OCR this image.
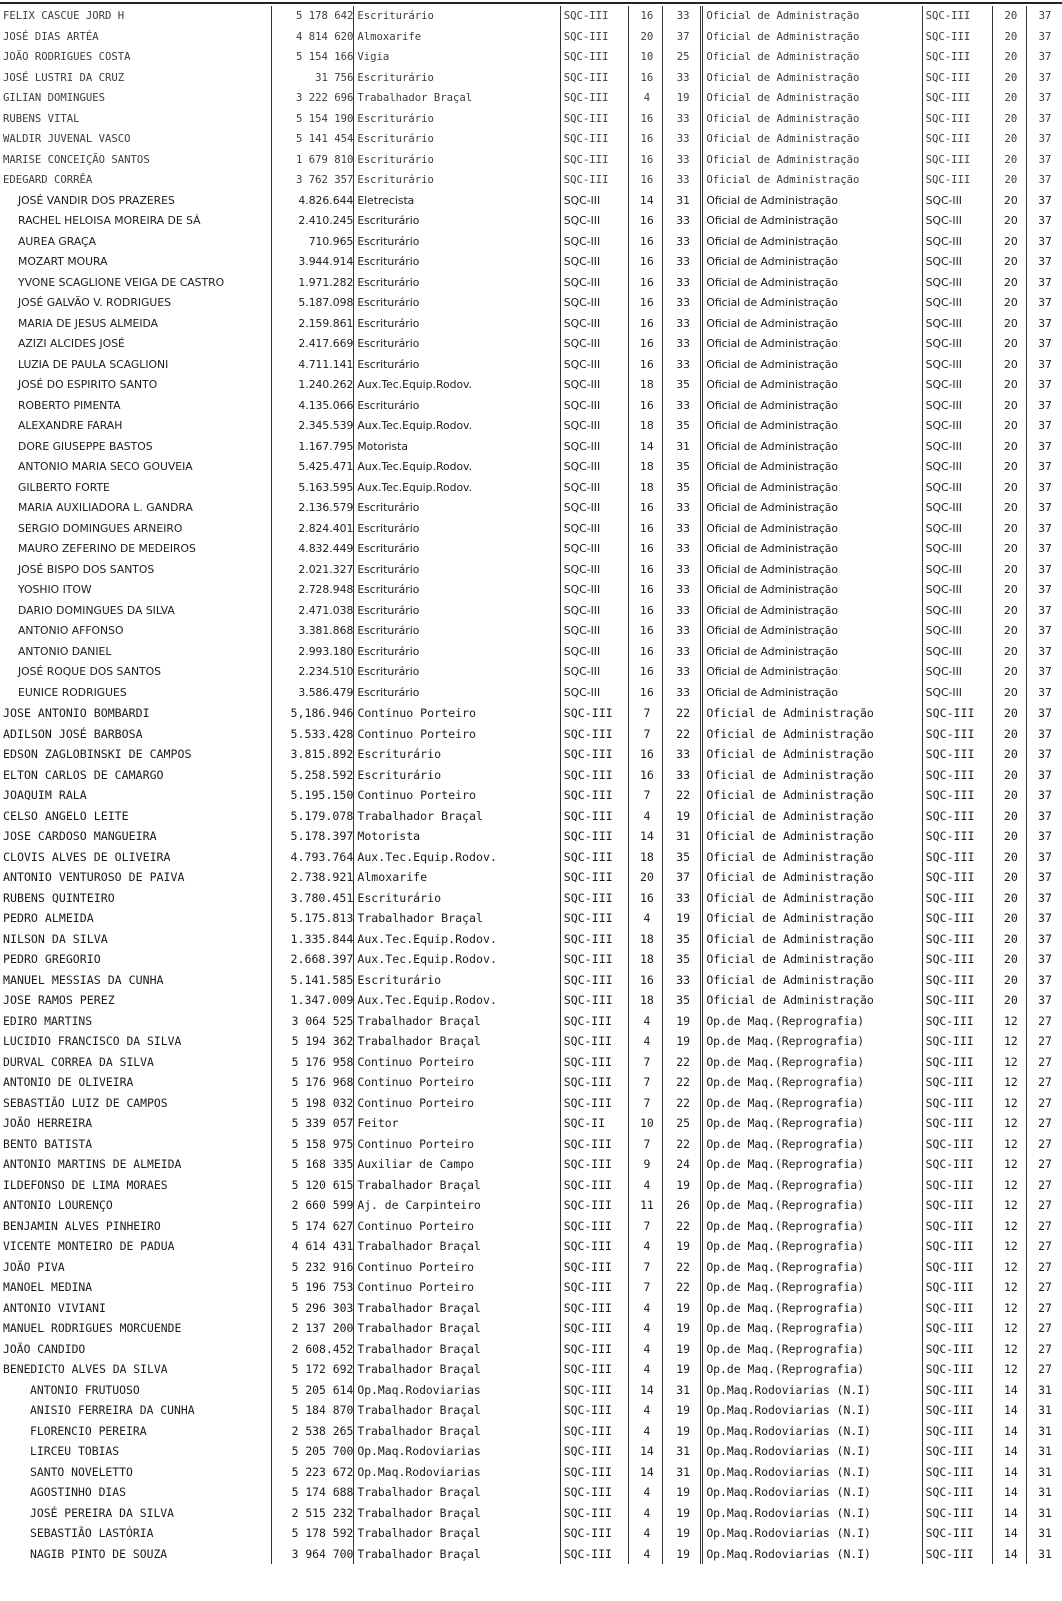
FELIX CASCUE JORD H	5 178 642	Escriturário	SQC-III	16	33	Oficial de Administração	SQC-III	20	37
JOSÉ DIAS ARTÉA	4 814 620	Almoxarife	SQC-III	20	37	Oficial de Administração	SQC-III	20	37
JOÃO RODRIGUES COSTA	5 154 166	Vigia	SQC-III	10	25	Oficial de Administração	SQC-III	20	37
JOSÉ LUSTRI DA CRUZ	31 756	Escriturário	SQC-III	16	33	Oficial de Administração	SQC-III	20	37
GILIAN DOMINGUES	3 222 696	Trabalhador Braçal	SQC-III	4	19	Oficial de Administração	SQC-III	20	37
RUBENS VITAL	5 154 190	Escriturário	SQC-III	16	33	Oficial de Administração	SQC-III	20	37
WALDIR JUVENAL VASCO	5 141 454	Escriturário	SQC-III	16	33	Oficial de Administração	SQC-III	20	37
MARISE CONCEIÇÃO SANTOS	1 679 810	Escriturário	SQC-III	16	33	Oficial de Administração	SQC-III	20	37
EDEGARD CORRÊA	3 762 357	Escriturário	SQC-III	16	33	Oficial de Administração	SQC-III	20	37
JOSÉ VANDIR DOS PRAZERES	4.826.644	Eletrecista	SQC-III	14	31	Oficial de Administração	SQC-III	20	37
RACHEL HELOISA MOREIRA DE SÁ	2.410.245	Escriturário	SQC-III	16	33	Oficial de Administração	SQC-III	20	37
AUREA GRAÇA	710.965	Escriturário	SQC-III	16	33	Oficial de Administração	SQC-III	20	37
MOZART MOURA	3.944.914	Escriturário	SQC-III	16	33	Oficial de Administração	SQC-III	20	37
YVONE SCAGLIONE VEIGA DE CASTRO	1.971.282	Escriturário	SQC-III	16	33	Oficial de Administração	SQC-III	20	37
JOSÉ GALVÃO V. RODRIGUES	5.187.098	Escriturário	SQC-III	16	33	Oficial de Administração	SQC-III	20	37
MARIA DE JESUS ALMEIDA	2.159.861	Escriturário	SQC-III	16	33	Oficial de Administração	SQC-III	20	37
AZIZI ALCIDES JOSÉ	2.417.669	Escriturário	SQC-III	16	33	Oficial de Administração	SQC-III	20	37
LUZIA DE PAULA SCAGLIONI	4.711.141	Escriturário	SQC-III	16	33	Oficial de Administração	SQC-III	20	37
JOSÉ DO ESPIRITO SANTO	1.240.262	Aux.Tec.Equip.Rodov.	SQC-III	18	35	Oficial de Administração	SQC-III	20	37
ROBERTO PIMENTA	4.135.066	Escriturário	SQC-III	16	33	Oficial de Administração	SQC-III	20	37
ALEXANDRE FARAH	2.345.539	Aux.Tec.Equip.Rodov.	SQC-III	18	35	Oficial de Administração	SQC-III	20	37
DORE GIUSEPPE BASTOS	1.167.795	Motorista	SQC-III	14	31	Oficial de Administração	SQC-III	20	37
ANTONIO MARIA SECO GOUVEIA	5.425.471	Aux.Tec.Equip.Rodov.	SQC-III	18	35	Oficial de Administração	SQC-III	20	37
GILBERTO FORTE	5.163.595	Aux.Tec.Equip.Rodov.	SQC-III	18	35	Oficial de Administração	SQC-III	20	37
MARIA AUXILIADORA L. GANDRA	2.136.579	Escriturário	SQC-III	16	33	Oficial de Administração	SQC-III	20	37
SERGIO DOMINGUES ARNEIRO	2.824.401	Escriturário	SQC-III	16	33	Oficial de Administração	SQC-III	20	37
MAURO ZEFERINO DE MEDEIROS	4.832.449	Escriturário	SQC-III	16	33	Oficial de Administração	SQC-III	20	37
JOSÉ BISPO DOS SANTOS	2.021.327	Escriturário	SQC-III	16	33	Oficial de Administração	SQC-III	20	37
YOSHIO ITOW	2.728.948	Escriturário	SQC-III	16	33	Oficial de Administração	SQC-III	20	37
DARIO DOMINGUES DA SILVA	2.471.038	Escriturário	SQC-III	16	33	Oficial de Administração	SQC-III	20	37
ANTONIO AFFONSO	3.381.868	Escriturário	SQC-III	16	33	Oficial de Administração	SQC-III	20	37
ANTONIO DANIEL	2.993.180	Escriturário	SQC-III	16	33	Oficial de Administração	SQC-III	20	37
JOSÉ ROQUE DOS SANTOS	2.234.510	Escriturário	SQC-III	16	33	Oficial de Administração	SQC-III	20	37
EUNICE RODRIGUES	3.586.479	Escriturário	SQC-III	16	33	Oficial de Administração	SQC-III	20	37
JOSE ANTONIO BOMBARDI	5,186.946	Continuo Porteiro	SQC-III	7	22	Oficial de Administração	SQC-III	20	37
ADILSON JOSÉ BARBOSA	5.533.428	Continuo Porteiro	SQC-III	7	22	Oficial de Administração	SQC-III	20	37
EDSON ZAGLOBINSKI DE CAMPOS	3.815.892	Escriturário	SQC-III	16	33	Oficial de Administração	SQC-III	20	37
ELTON CARLOS DE CAMARGO	5.258.592	Escriturário	SQC-III	16	33	Oficial de Administração	SQC-III	20	37
JOAQUIM RALA	5.195.150	Continuo Porteiro	SQC-III	7	22	Oficial de Administração	SQC-III	20	37
CELSO ANGELO LEITE	5.179.078	Trabalhador Braçal	SQC-III	4	19	Oficial de Administração	SQC-III	20	37
JOSE CARDOSO MANGUEIRA	5.178.397	Motorista	SQC-III	14	31	Oficial de Administração	SQC-III	20	37
CLOVIS ALVES DE OLIVEIRA	4.793.764	Aux.Tec.Equip.Rodov.	SQC-III	18	35	Oficial de Administração	SQC-III	20	37
ANTONIO VENTUROSO DE PAIVA	2.738.921	Almoxarife	SQC-III	20	37	Oficial de Administração	SQC-III	20	37
RUBENS QUINTEIRO	3.780.451	Escriturário	SQC-III	16	33	Oficial de Administração	SQC-III	20	37
PEDRO ALMEIDA	5.175.813	Trabalhador Braçal	SQC-III	4	19	Oficial de Administração	SQC-III	20	37
NILSON DA SILVA	1.335.844	Aux.Tec.Equip.Rodov.	SQC-III	18	35	Oficial de Administração	SQC-III	20	37
PEDRO GREGORIO	2.668.397	Aux.Tec.Equip.Rodov.	SQC-III	18	35	Oficial de Administração	SQC-III	20	37
MANUEL MESSIAS DA CUNHA	5.141.585	Escriturário	SQC-III	16	33	Oficial de Administração	SQC-III	20	37
JOSE RAMOS PEREZ	1.347.009	Aux.Tec.Equip.Rodov.	SQC-III	18	35	Oficial de Administração	SQC-III	20	37
EDIRO MARTINS	3 064 525	Trabalhador Braçal	SQC-III	4	19	Op.de Maq.(Reprografia)	SQC-III	12	27
LUCIDIO FRANCISCO DA SILVA	5 194 362	Trabalhador Braçal	SQC-III	4	19	Op.de Maq.(Reprografia)	SQC-III	12	27
DURVAL CORREA DA SILVA	5 176 958	Continuo Porteiro	SQC-III	7	22	Op.de Maq.(Reprografia)	SQC-III	12	27
ANTONIO DE OLIVEIRA	5 176 968	Continuo Porteiro	SQC-III	7	22	Op.de Maq.(Reprografia)	SQC-III	12	27
SEBASTIÃO LUIZ DE CAMPOS	5 198 032	Continuo Porteiro	SQC-III	7	22	Op.de Maq.(Reprografia)	SQC-III	12	27
JOÃO HERREIRA	5 339 057	Feitor	SQC-II	10	25	Op.de Maq.(Reprografia)	SQC-III	12	27
BENTO BATISTA	5 158 975	Continuo Porteiro	SQC-III	7	22	Op.de Maq.(Reprografia)	SQC-III	12	27
ANTONIO MARTINS DE ALMEIDA	5 168 335	Auxiliar de Campo	SQC-III	9	24	Op.de Maq.(Reprografia)	SQC-III	12	27
ILDEFONSO DE LIMA MORAES	5 120 615	Trabalhador Braçal	SQC-III	4	19	Op.de Maq.(Reprografia)	SQC-III	12	27
ANTONIO LOURENÇO	2 660 599	Aj. de Carpinteiro	SQC-III	11	26	Op.de Maq.(Reprografia)	SQC-III	12	27
BENJAMIN ALVES PINHEIRO	5 174 627	Continuo Porteiro	SQC-III	7	22	Op.de Maq.(Reprografia)	SQC-III	12	27
VICENTE MONTEIRO DE PADUA	4 614 431	Trabalhador Braçal	SQC-III	4	19	Op.de Maq.(Reprografia)	SQC-III	12	27
JOÃO PIVA	5 232 916	Continuo Porteiro	SQC-III	7	22	Op.de Maq.(Reprografia)	SQC-III	12	27
MANOEL MEDINA	5 196 753	Continuo Porteiro	SQC-III	7	22	Op.de Maq.(Reprografia)	SQC-III	12	27
ANTONIO VIVIANI	5 296 303	Trabalhador Braçal	SQC-III	4	19	Op.de Maq.(Reprografia)	SQC-III	12	27
MANUEL RODRIGUES MORCUENDE	2 137 200	Trabalhador Braçal	SQC-III	4	19	Op.de Maq.(Reprografia)	SQC-III	12	27
JOÃO CANDIDO	2 608.452	Trabalhador Braçal	SQC-III	4	19	Op.de Maq.(Reprografia)	SQC-III	12	27
BENEDICTO ALVES DA SILVA	5 172 692	Trabalhador Braçal	SQC-III	4	19	Op.de Maq.(Reprografia)	SQC-III	12	27
ANTONIO FRUTUOSO	5 205 614	Op.Maq.Rodoviarias	SQC-III	14	31	Op.Maq.Rodoviarias (N.I)	SQC-III	14	31
ANISIO FERREIRA DA CUNHA	5 184 870	Trabalhador Braçal	SQC-III	4	19	Op.Maq.Rodoviarias (N.I)	SQC-III	14	31
FLORENCIO PEREIRA	2 538 265	Trabalhador Braçal	SQC-III	4	19	Op.Maq.Rodoviarias (N.I)	SQC-III	14	31
LIRCEU TOBIAS	5 205 700	Op.Maq.Rodoviarias	SQC-III	14	31	Op.Maq.Rodoviarias (N.I)	SQC-III	14	31
SANTO NOVELETTO	5 223 672	Op.Maq.Rodoviarias	SQC-III	14	31	Op.Maq.Rodoviarias (N.I)	SQC-III	14	31
AGOSTINHO DIAS	5 174 688	Trabalhador Braçal	SQC-III	4	19	Op.Maq.Rodoviarias (N.I)	SQC-III	14	31
JOSÉ PEREIRA DA SILVA	2 515 232	Trabalhador Braçal	SQC-III	4	19	Op.Maq.Rodoviarias (N.I)	SQC-III	14	31
SEBASTIÃO LASTÓRIA	5 178 592	Trabalhador Braçal	SQC-III	4	19	Op.Maq.Rodoviarias (N.I)	SQC-III	14	31
NAGIB PINTO DE SOUZA	3 964 700	Trabalhador Braçal	SQC-III	4	19	Op.Maq.Rodoviarias (N.I)	SQC-III	14	31
